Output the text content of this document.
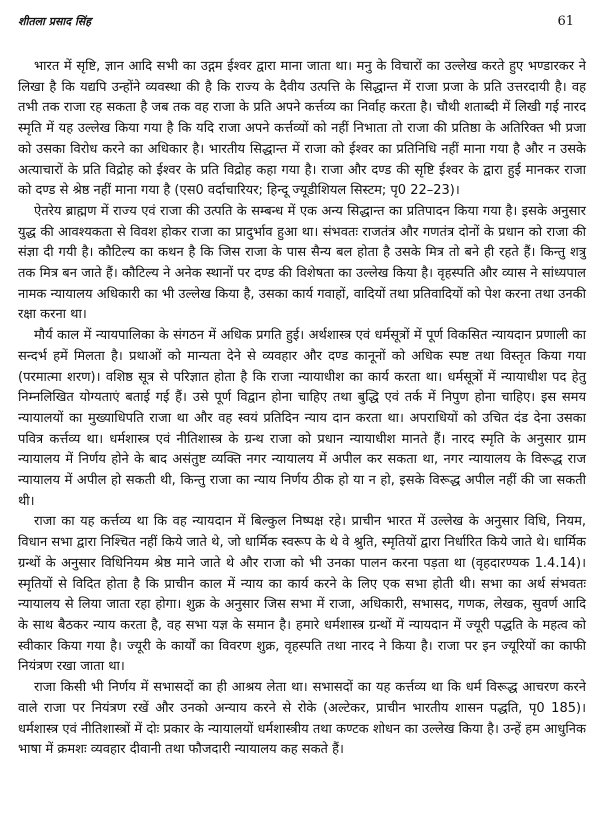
शीतला प्रसाद सिंह	61

भारत में सृष्टि, ज्ञान आदि सभी का उद्गम ईश्वर द्वारा माना जाता था। मनु के विचारों का उल्लेख करते हुए भण्डारकर ने लिखा है कि यद्यपि उन्होंने व्यवस्था की है कि राज्य के दैवीय उत्पत्ति के सिद्धान्त में राजा प्रजा के प्रति उत्तरदायी है। वह तभी तक राजा रह सकता है जब तक वह राजा के प्रति अपने कर्त्तव्य का निर्वाह करता है। चौथी शताब्दी में लिखी गई नारद स्मृति में यह उल्लेख किया गया है कि यदि राजा अपने कर्त्तव्यों को नहीं निभाता तो राजा की प्रतिष्ठा के अतिरिक्त भी प्रजा को उसका विरोध करने का अधिकार है। भारतीय सिद्धान्त में राजा को ईश्वर का प्रतिनिधि नहीं माना गया है और न उसके अत्याचारों के प्रति विद्रोह को ईश्वर के प्रति विद्रोह कहा गया है। राजा और दण्ड की सृष्टि ईश्वर के द्वारा हुई मानकर राजा को दण्ड से श्रेष्ठ नहीं माना गया है (एस0 वर्दाचारियर; हिन्दू ज्यूडीशियल सिस्टम; पृ0 22–23)।

ऐतरेय ब्राह्मण में राज्य एवं राजा की उत्पति के सम्बन्ध में एक अन्य सिद्धान्त का प्रतिपादन किया गया है। इसके अनुसार युद्ध की आवश्यकता से विवश होकर राजा का प्रादुर्भाव हुआ था। संभवतः राजतंत्र और गणतंत्र दोनों के प्रधान को राजा की संज्ञा दी गयी है। कौटिल्य का कथन है कि जिस राजा के पास सैन्य बल होता है उसके मित्र तो बने ही रहते हैं। किन्तु शत्रु तक मित्र बन जाते हैं। कौटिल्य ने अनेक स्थानों पर दण्ड की विशेषता का उल्लेख किया है। वृहस्पति और व्यास ने सांध्यपाल नामक न्यायालय अधिकारी का भी उल्लेख किया है, उसका कार्य गवाहों, वादियों तथा प्रतिवादियों को पेश करना तथा उनकी रक्षा करना था।

मौर्य काल में न्यायपालिका के संगठन में अधिक प्रगति हुई। अर्थशास्त्र एवं धर्मसूत्रों में पूर्ण विकसित न्यायदान प्रणाली का सन्दर्भ हमें मिलता है। प्रथाओं को मान्यता देने से व्यवहार और दण्ड कानूनों को अधिक स्पष्ट तथा विस्तृत किया गया (परमात्मा शरण)। वशिष्ठ सूत्र से परिज्ञात होता है कि राजा न्यायाधीश का कार्य करता था। धर्मसूत्रों में न्यायाधीश पद हेतु निम्नलिखित योग्यताएं बताई गई हैं। उसे पूर्ण विद्वान होना चाहिए तथा बुद्धि एवं तर्क में निपुण होना चाहिए। इस समय न्यायालयों का मुख्याधिपति राजा था और वह स्वयं प्रतिदिन न्याय दान करता था। अपराधियों को उचित दंड देना उसका पवित्र कर्त्तव्य था। धर्मशास्त्र एवं नीतिशास्त्र के ग्रन्थ राजा को प्रधान न्यायाधीश मानते हैं। नारद स्मृति के अनुसार ग्राम न्यायालय में निर्णय होने के बाद असंतुष्ट व्यक्ति नगर न्यायालय में अपील कर सकता था, नगर न्यायालय के विरूद्ध राज न्यायालय में अपील हो सकती थी, किन्तु राजा का न्याय निर्णय ठीक हो या न हो, इसके विरूद्ध अपील नहीं की जा सकती थी।

राजा का यह कर्त्तव्य था कि वह न्यायदान में बिल्कुल निष्पक्ष रहे। प्राचीन भारत में उल्लेख के अनुसार विधि, नियम, विधान सभा द्वारा निश्चित नहीं किये जाते थे, जो धार्मिक स्वरूप के थे वे श्रुति, स्मृतियों द्वारा निर्धारित किये जाते थे। धार्मिक ग्रन्थों के अनुसार विधिनियम श्रेष्ठ माने जाते थे और राजा को भी उनका पालन करना पड़ता था (वृहदारण्यक 1.4.14)। स्मृतियों से विदित होता है कि प्राचीन काल में न्याय का कार्य करने के लिए एक सभा होती थी। सभा का अर्थ संभवतः न्यायालय से लिया जाता रहा होगा। शुक्र के अनुसार जिस सभा में राजा, अधिकारी, सभासद, गणक, लेखक, सुवर्ण आदि के साथ बैठकर न्याय करता है, वह सभा यज्ञ के समान है। हमारे धर्मशास्त्र ग्रन्थों में न्यायदान में ज्यूरी पद्धति के महत्व को स्वीकार किया गया है। ज्यूरी के कार्यों का विवरण शुक्र, वृहस्पति तथा नारद ने किया है। राजा पर इन ज्यूरियों का काफी नियंत्रण रखा जाता था।

राजा किसी भी निर्णय में सभासदों का ही आश्रय लेता था। सभासदों का यह कर्त्तव्य था कि धर्म विरूद्ध आचरण करने वाले राजा पर नियंत्रण रखें और उनको अन्याय करने से रोके (अल्टेकर, प्राचीन भारतीय शासन पद्धति, पृ0 185)। धर्मशास्त्र एवं नीतिशास्त्रों में दोः प्रकार के न्यायालयों धर्मशास्त्रीय तथा कण्टक शोधन का उल्लेख किया है। उन्हें हम आधुनिक भाषा में क्रमशः व्यवहार दीवानी तथा फौजदारी न्यायालय कह सकते हैं।
